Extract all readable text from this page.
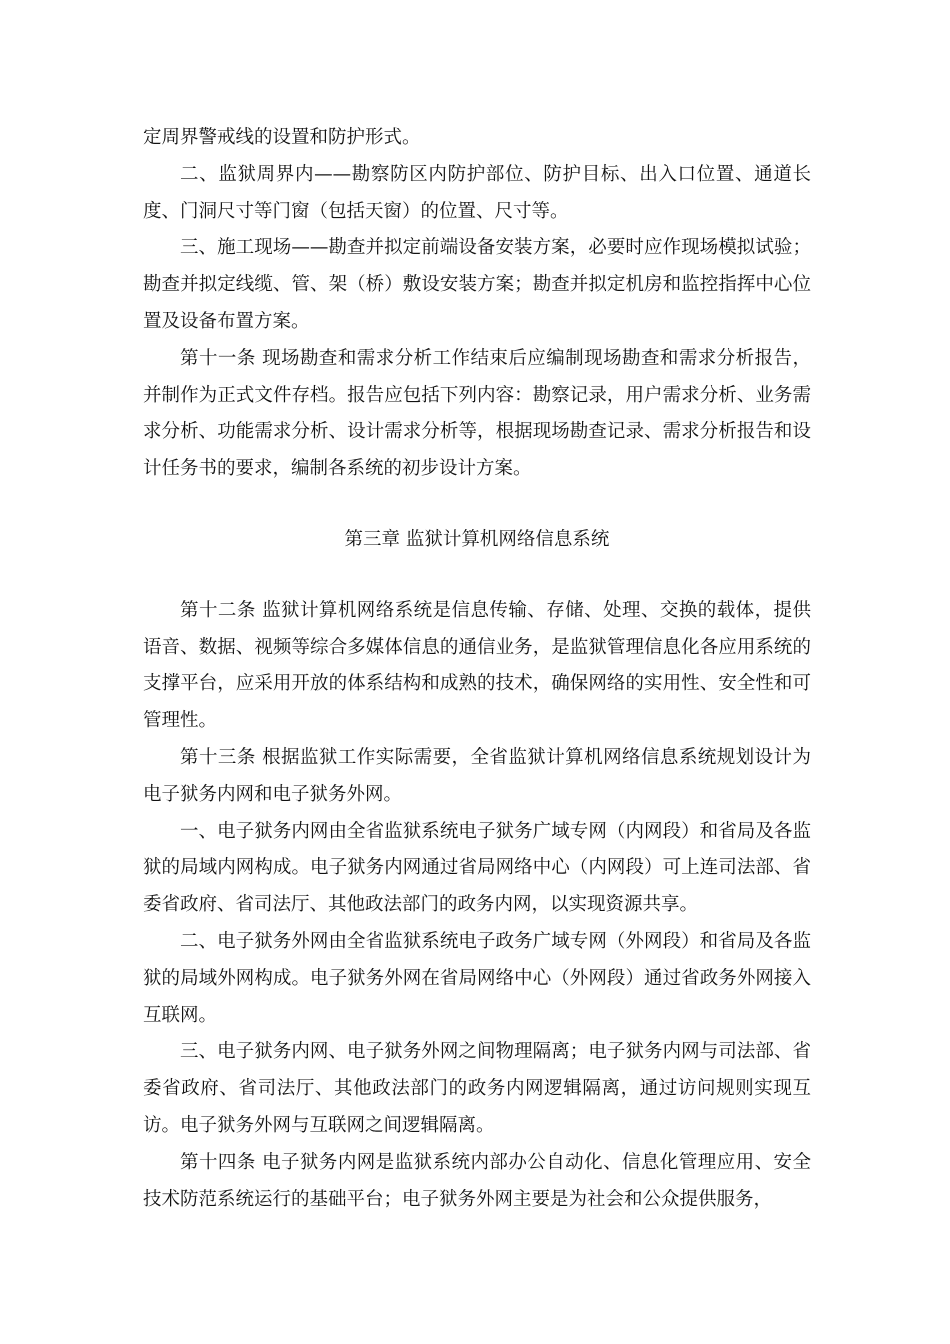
定周界警戒线的设置和防护形式。

二、监狱周界内——勘察防区内防护部位、防护目标、出入口位置、通道长度、门洞尺寸等门窗（包括天窗）的位置、尺寸等。

三、施工现场——勘查并拟定前端设备安装方案，必要时应作现场模拟试验；勘查并拟定线缆、管、架（桥）敷设安装方案；勘查并拟定机房和监控指挥中心位置及设备布置方案。

第十一条 现场勘查和需求分析工作结束后应编制现场勘查和需求分析报告，并制作为正式文件存档。报告应包括下列内容：勘察记录，用户需求分析、业务需求分析、功能需求分析、设计需求分析等，根据现场勘查记录、需求分析报告和设计任务书的要求，编制各系统的初步设计方案。

第三章 监狱计算机网络信息系统

第十二条 监狱计算机网络系统是信息传输、存储、处理、交换的载体，提供语音、数据、视频等综合多媒体信息的通信业务，是监狱管理信息化各应用系统的支撑平台，应采用开放的体系结构和成熟的技术，确保网络的实用性、安全性和可管理性。

第十三条 根据监狱工作实际需要，全省监狱计算机网络信息系统规划设计为电子狱务内网和电子狱务外网。

一、电子狱务内网由全省监狱系统电子狱务广域专网（内网段）和省局及各监狱的局域内网构成。电子狱务内网通过省局网络中心（内网段）可上连司法部、省委省政府、省司法厅、其他政法部门的政务内网，以实现资源共享。

二、电子狱务外网由全省监狱系统电子政务广域专网（外网段）和省局及各监狱的局域外网构成。电子狱务外网在省局网络中心（外网段）通过省政务外网接入互联网。

三、电子狱务内网、电子狱务外网之间物理隔离；电子狱务内网与司法部、省委省政府、省司法厅、其他政法部门的政务内网逻辑隔离，通过访问规则实现互访。电子狱务外网与互联网之间逻辑隔离。

第十四条 电子狱务内网是监狱系统内部办公自动化、信息化管理应用、安全技术防范系统运行的基础平台；电子狱务外网主要是为社会和公众提供服务，
